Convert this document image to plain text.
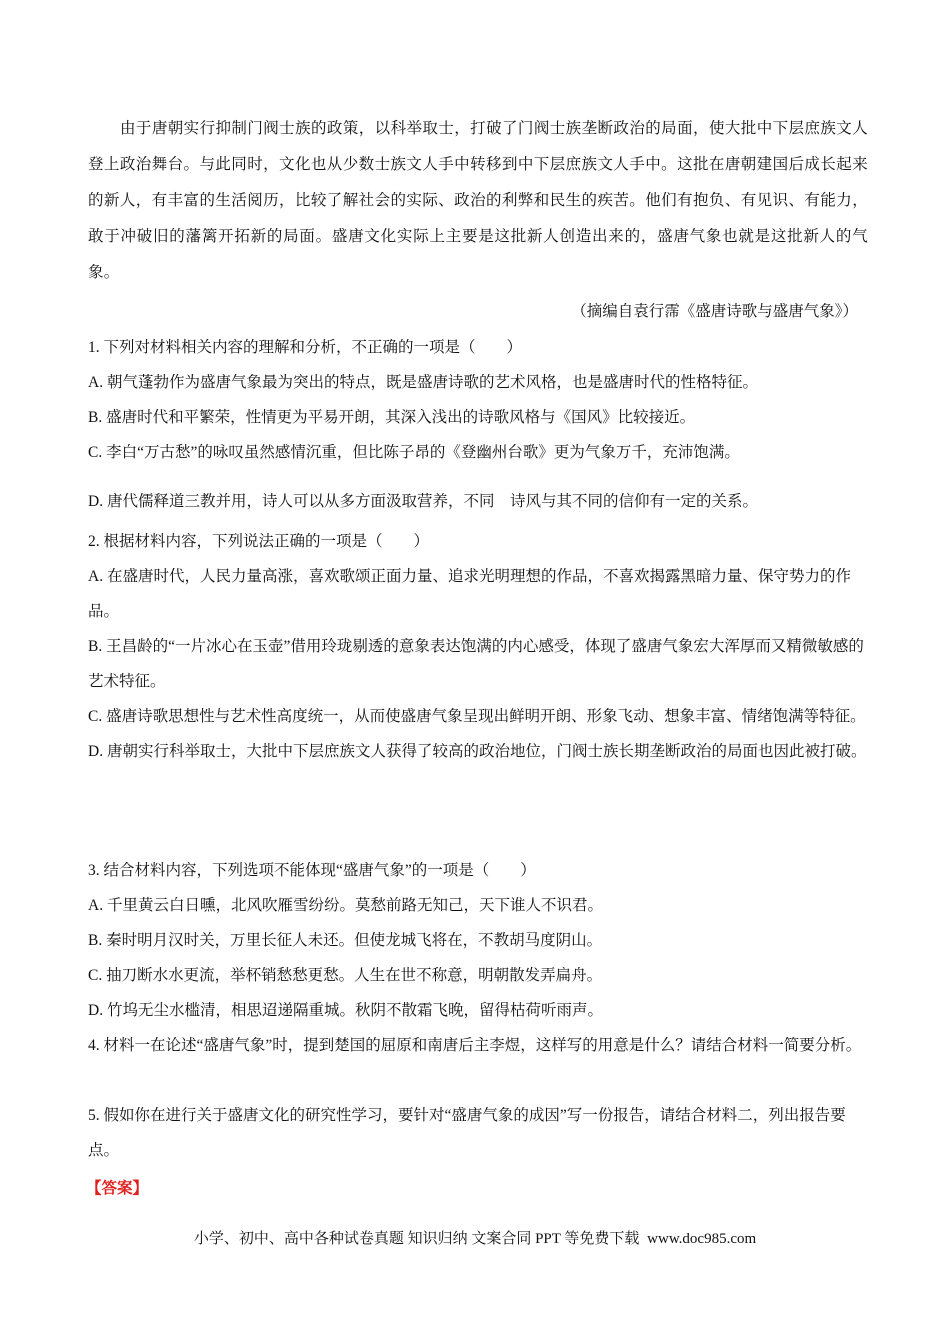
由于唐朝实行抑制门阀士族的政策，以科举取士，打破了门阀士族垄断政治的局面，使大批中下层庶族文人登上政治舞台。与此同时，文化也从少数士族文人手中转移到中下层庶族文人手中。这批在唐朝建国后成长起来的新人，有丰富的生活阅历，比较了解社会的实际、政治的利弊和民生的疾苦。他们有抱负、有见识、有能力，敢于冲破旧的藩篱开拓新的局面。盛唐文化实际上主要是这批新人创造出来的，盛唐气象也就是这批新人的气象。

（摘编自袁行霈《盛唐诗歌与盛唐气象》）
1. 下列对材料相关内容的理解和分析，不正确的一项是（　　）
A. 朝气蓬勃作为盛唐气象最为突出的特点，既是盛唐诗歌的艺术风格，也是盛唐时代的性格特征。
B. 盛唐时代和平繁荣，性情更为平易开朗，其深入浅出的诗歌风格与《国风》比较接近。
C. 李白“万古愁”的咏叹虽然感情沉重，但比陈子昂的《登幽州台歌》更为气象万千，充沛饱满。
D. 唐代儒释道三教并用，诗人可以从多方面汲取营养，不同　诗风与其不同的信仰有一定的关系。
2. 根据材料内容，下列说法正确的一项是（　　）
A. 在盛唐时代，人民力量高涨，喜欢歌颂正面力量、追求光明理想的作品，不喜欢揭露黑暗力量、保守势力的作品。
B. 王昌龄的“一片冰心在玉壶”借用玲珑剔透的意象表达饱满的内心感受，体现了盛唐气象宏大浑厚而又精微敏感的艺术特征。
C. 盛唐诗歌思想性与艺术性高度统一，从而使盛唐气象呈现出鲜明开朗、形象飞动、想象丰富、情绪饱满等特征。
D. 唐朝实行科举取士，大批中下层庶族文人获得了较高的政治地位，门阀士族长期垄断政治的局面也因此被打破。
3. 结合材料内容，下列选项不能体现“盛唐气象”的一项是（　　）
A. 千里黄云白日曛，北风吹雁雪纷纷。莫愁前路无知己，天下谁人不识君。
B. 秦时明月汉时关，万里长征人未还。但使龙城飞将在，不教胡马度阴山。
C. 抽刀断水水更流，举杯销愁愁更愁。人生在世不称意，明朝散发弄扁舟。
D. 竹坞无尘水槛清，相思迢递隔重城。秋阴不散霜飞晚，留得枯荷听雨声。
4. 材料一在论述“盛唐气象”时，提到楚国的屈原和南唐后主李煜，这样写的用意是什么？请结合材料一简要分析。
5. 假如你在进行关于盛唐文化的研究性学习，要针对“盛唐气象的成因”写一份报告，请结合材料二，列出报告要点。
【答案】
小学、初中、高中各种试卷真题 知识归纳 文案合同 PPT 等免费下载 www.doc985.com
